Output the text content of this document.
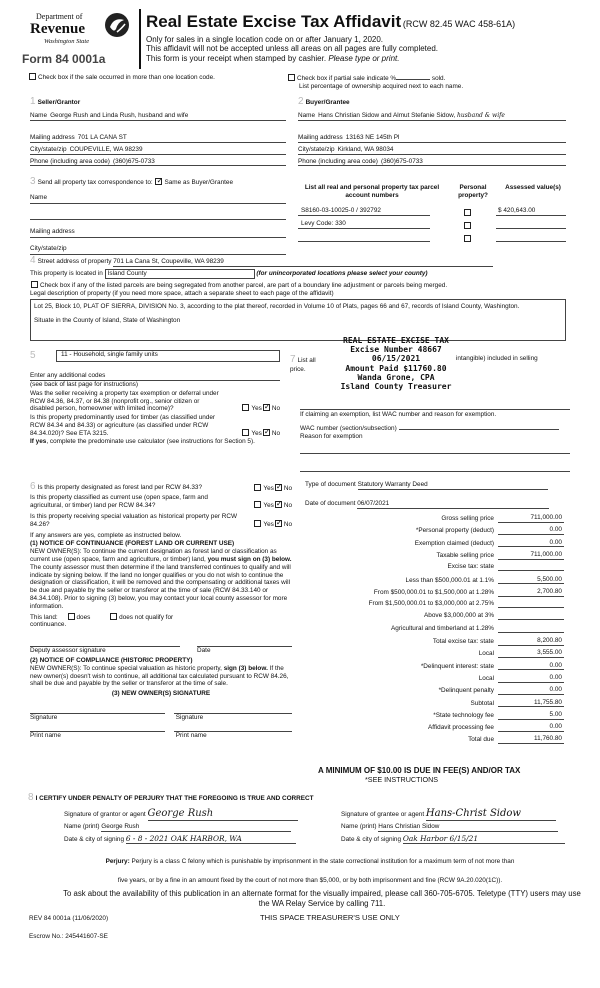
Department of
Revenue
Washington State
Form 84 0001a
Real Estate Excise Tax Affidavit (RCW 82.45 WAC 458-61A)
Only for sales in a single location code on or after January 1, 2020.
This affidavit will not be accepted unless all areas on all pages are fully completed.
This form is your receipt when stamped by cashier. Please type or print.
Check box if the sale occurred in more than one location code.	Check box if partial sale indicate %	sold.
List percentage of ownership acquired next to each name.
1 Seller/Grantor
Name George Rush and Linda Rush, husband and wife
Mailing address 701 LA CANA ST
City/state/zip COUPEVILLE, WA 98239
Phone (including area code) (360)675-0733
2 Buyer/Grantee
Name Hans Christian Sidow and Almut Stefanie Sidow, husband & wife
Mailing address 13163 NE 145th Pl
City/state/zip Kirkland, WA 98034
Phone (including area code) (360)675-0733
3 Send all property tax correspondence to: ✓ Same as Buyer/Grantee
Name
Mailing address
City/state/zip
List all real and personal property tax parcel account numbers
Personal property?
Assessed value(s)
S8160-03-10025-0 / 392792	$ 420,643.00
Levy Code: 330
4 Street address of property 701 La Cana St, Coupeville, WA 98239
This property is located in Island County	(for unincorporated locations please select your county)
Check box if any of the listed parcels are being segregated from another parcel, are part of a boundary line adjustment or parcels being merged.
Legal description of property (if you need more space, attach a separate sheet to each page of the affidavit)
Lot 25, Block 10, PLAT OF SIERRA, DIVISION No. 3, according to the plat thereof, recorded in Volume 10 of Plats, pages 66 and 67, records of Island County, Washington.
Situate in the County of Island, State of Washington
REAL ESTATE EXCISE TAX
Excise Number 48667
06/15/2021
Amount Paid $11760.80
Wanda Grone, CPA
Island County Treasurer
5	11 - Household, single family units
Enter any additional codes
(see back of last page for instructions)
Was the seller receiving a property tax exemption or deferral under RCW 84.36, 84.37, or 84.38 (nonprofit org., senior citizen or disabled person, homeowner with limited income)?	Yes ✓ No
Is this property predominantly used for timber (as classified under RCW 84.34 and 84.33) or agriculture (as classified under RCW 84.34.020)? See ETA 3215.	Yes ✓ No
If yes, complete the predominate use calculator (see instructions for Section 5).
7 List all
price.
intangible) included in selling
If claiming an exemption, list WAC number and reason for exemption.
WAC number (section/subsection)
Reason for exemption
6 Is this property designated as forest land per RCW 84.33?	Yes ✓ No
Is this property classified as current use (open space, farm and agricultural, or timber) land per RCW 84.34?	Yes ✓ No
Is this property receiving special valuation as historical property per RCW 84.26?	Yes ✓ No
If any answers are yes, complete as instructed below.
(1) NOTICE OF CONTINUANCE (FOREST LAND OR CURRENT USE)
NEW OWNER(S): To continue the current designation as forest land or classification as current use (open space, farm and agriculture, or timber) land, you must sign on (3) below. The county assessor must then determine if the land transferred continues to qualify and will indicate by signing below. If the land no longer qualifies or you do not wish to continue the designation or classification, it will be removed and the compensating or additional taxes will be due and payable by the seller or transferor at the time of sale (RCW 84.33.140 or 84.34.108). Prior to signing (3) below, you may contact your local county assessor for more information.
This land:	does	does not qualify for
continuance.
Deputy assessor signature	Date
(2) NOTICE OF COMPLIANCE (HISTORIC PROPERTY)
NEW OWNER(S): To continue special valuation as historic property, sign (3) below. If the new owner(s) doesn't wish to continue, all additional tax calculated pursuant to RCW 84.26, shall be due and payable by the seller or transferor at the time of sale.
(3) NEW OWNER(S) SIGNATURE
Signature	Signature
Print name	Print name
Type of document Statutory Warranty Deed
Date of document 06/07/2021
Gross selling price	711,000.00
*Personal property (deduct)	0.00
Exemption claimed (deduct)	0.00
Taxable selling price	711,000.00
Excise tax: state
Less than $500,000.01 at 1.1%	5,500.00
From $500,000.01 to $1,500,000 at 1.28%	2,700.80
From $1,500,000.01 to $3,000,000 at 2.75%
Above $3,000,000 at 3%
Agricultural and timberland at 1.28%
Total excise tax: state	8,200.80
Local	3,555.00
*Delinquent interest: state	0.00
Local	0.00
*Delinquent penalty	0.00
Subtotal	11,755.80
*State technology fee	5.00
Affidavit processing fee	0.00
Total due	11,760.80
A MINIMUM OF $10.00 IS DUE IN FEE(S) AND/OR TAX
*SEE INSTRUCTIONS
8 I CERTIFY UNDER PENALTY OF PERJURY THAT THE FOREGOING IS TRUE AND CORRECT
Signature of grantor or agent George Rush
Name (print) George Rush
Date & city of signing 6 - 8 - 2021 OAK HARBOR, WA
Signature of grantee or agent Hans-Christ Sidow
Name (print) Hans Christian Sidow
Date & city of signing Oak Harbor 6/15/21
Perjury: Perjury is a class C felony which is punishable by imprisonment in the state correctional institution for a maximum term of not more than
five years, or by a fine in an amount fixed by the court of not more than $5,000, or by both imprisonment and fine (RCW 9A.20.020(1C)).
To ask about the availability of this publication in an alternate format for the visually impaired, please call 360-705-6705. Teletype (TTY) users may use the WA Relay Service by calling 711.
REV 84 0001a (11/06/2020)	THIS SPACE TREASURER'S USE ONLY
Escrow No.: 245441607-SE
